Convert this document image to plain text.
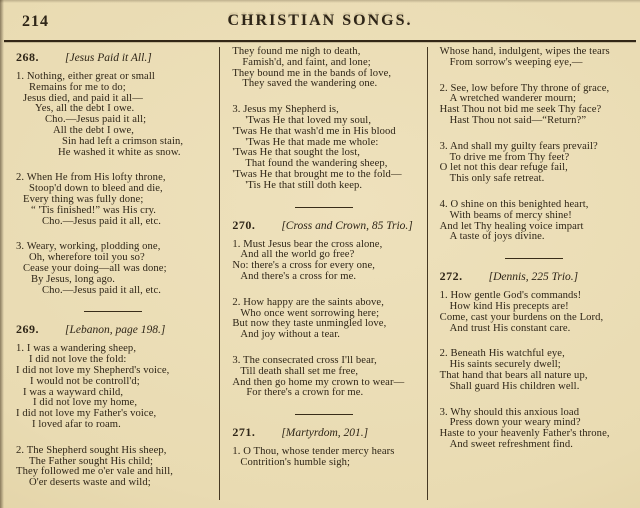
214	CHRISTIAN SONGS.
268. [Jesus Paid it All.]
1. Nothing, either great or small
Remains for me to do;
Jesus died, and paid it all—
Yes, all the debt I owe.
Cho.—Jesus paid it all;
All the debt I owe,
Sin had left a crimson stain,
He washed it white as snow.
2. When He from His lofty throne,
Stoop'd down to bleed and die,
Every thing was fully done;
“ 'Tis finished!” was His cry.
Cho.—Jesus paid it all, etc.
3. Weary, working, plodding one,
Oh, wherefore toil you so?
Cease your doing—all was done;
By Jesus, long ago.
Cho.—Jesus paid it all, etc.
269. [Lebanon, page 198.]
1. I was a wandering sheep,
I did not love the fold:
I did not love my Shepherd's voice,
I would not be controll'd;
I was a wayward child,
I did not love my home,
I did not love my Father's voice,
I loved afar to roam.
2. The Shepherd sought His sheep,
The Father sought His child;
They followed me o'er vale and hill,
O'er deserts waste and wild;
They found me nigh to death,
Famish'd, and faint, and lone;
They bound me in the bands of love,
They saved the wandering one.
3. Jesus my Shepherd is,
'Twas He that loved my soul,
'Twas He that wash'd me in His blood
'Twas He that made me whole:
'Twas He that sought the lost,
That found the wandering sheep,
'Twas He that brought me to the fold—
'Tis He that still doth keep.
270. [Cross and Crown, 85 Trio.]
1. Must Jesus bear the cross alone,
And all the world go free?
No: there's a cross for every one,
And there's a cross for me.
2. How happy are the saints above,
Who once went sorrowing here;
But now they taste unmingled love,
And joy without a tear.
3. The consecrated cross I'll bear,
Till death shall set me free,
And then go home my crown to wear—
For there's a crown for me.
271. [Martyrdom, 201.]
1. O Thou, whose tender mercy hears
Contrition's humble sigh;
Whose hand, indulgent, wipes the tears
From sorrow's weeping eye,—
2. See, low before Thy throne of grace,
A wretched wanderer mourn;
Hast Thou not bid me seek Thy face?
Hast Thou not said—“Return?”
3. And shall my guilty fears prevail?
To drive me from Thy feet?
O let not this dear refuge fail,
This only safe retreat.
4. O shine on this benighted heart,
With beams of mercy shine!
And let Thy healing voice impart
A taste of joys divine.
272. [Dennis, 225 Trio.]
1. How gentle God's commands!
How kind His precepts are!
Come, cast your burdens on the Lord,
And trust His constant care.
2. Beneath His watchful eye,
His saints securely dwell;
That hand that bears all nature up,
Shall guard His children well.
3. Why should this anxious load
Press down your weary mind?
Haste to your heavenly Father's throne,
And sweet refreshment find.
